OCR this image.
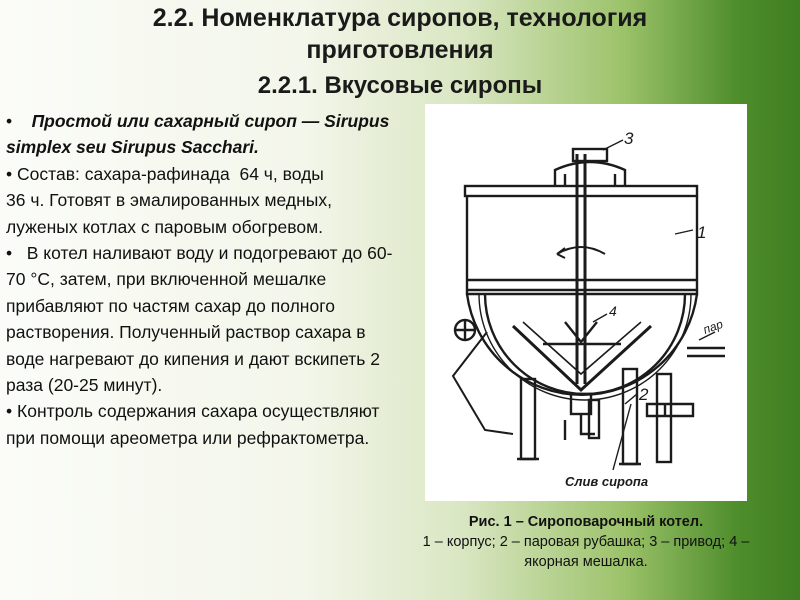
2.2. Номенклатура сиропов, технология

приготовления

2.2.1. Вкусовые сиропы

• Простой или сахарный сироп — Sirupus simplex seu Sirupus Sacchari.

• Состав: сахара-рафинада  64 ч, воды                 36 ч. Готовят в эмалированных медных, луженых котлах с паровым обогревом.

•   В котел наливают воду и подогревают до 60-70 °С, затем, при включенной мешалке прибавляют по частям сахар до полного растворения. Полученный раствор сахара в воде нагревают до кипения и дают вскипеть 2 раза (20-25 минут).

• Контроль содержания сахара осуществляют при помощи ареометра или рефрактометра.

3
1
4
2
пар
Слив сиропа
Рис. 1 – Сироповарочный котел.
1 – корпус; 2 – паровая рубашка; 3 – привод; 4 – якорная мешалка.
